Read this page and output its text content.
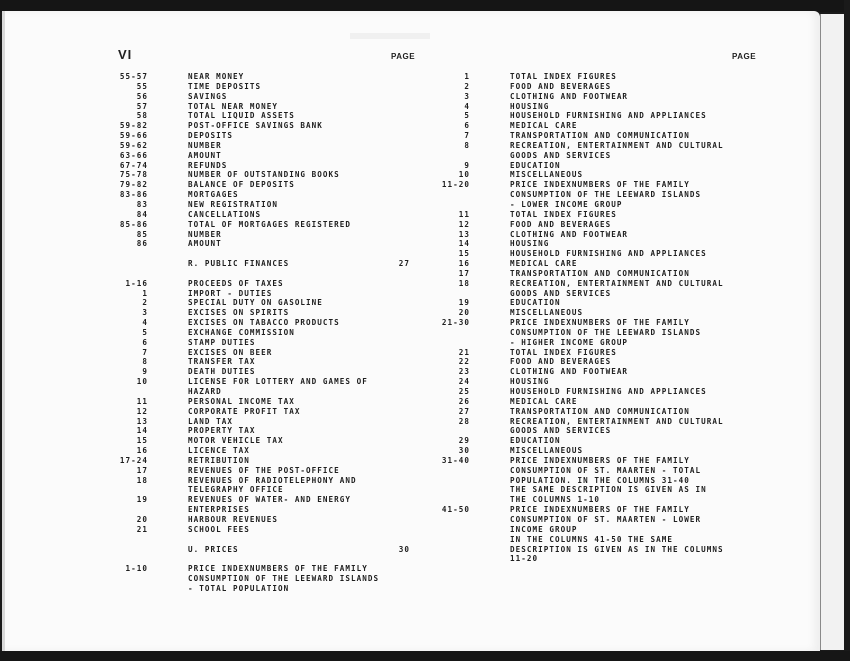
VI	PAGE	PAGE
55-57	NEAR MONEY
55	TIME DEPOSITS
56	SAVINGS
57	TOTAL NEAR MONEY
58	TOTAL LIQUID ASSETS
59-82	POST-OFFICE SAVINGS BANK
59-66	DEPOSITS
59-62	NUMBER
63-66	AMOUNT
67-74	REFUNDS
75-78	NUMBER OF OUTSTANDING BOOKS
79-82	BALANCE OF DEPOSITS
83-86	MORTGAGES
83	NEW REGISTRATION
84	CANCELLATIONS
85-86	TOTAL OF MORTGAGES REGISTERED
85	NUMBER
86	AMOUNT
R. PUBLIC FINANCES	27
1-16	PROCEEDS OF TAXES
1	IMPORT - DUTIES
2	SPECIAL DUTY ON GASOLINE
3	EXCISES ON SPIRITS
4	EXCISES ON TABACCO PRODUCTS
5	EXCHANGE COMMISSION
6	STAMP DUTIES
7	EXCISES ON BEER
8	TRANSFER TAX
9	DEATH DUTIES
10	LICENSE FOR LOTTERY AND GAMES OF
HAZARD
11	PERSONAL INCOME TAX
12	CORPORATE PROFIT TAX
13	LAND TAX
14	PROPERTY TAX
15	MOTOR VEHICLE TAX
16	LICENCE TAX
17-24	RETRIBUTION
17	REVENUES OF THE POST-OFFICE
18	REVENUES OF RADIOTELEPHONY AND
TELEGRAPHY OFFICE
19	REVENUES OF WATER- AND ENERGY
ENTERPRISES
20	HARBOUR REVENUES
21	SCHOOL FEES
U. PRICES	30
1-10	PRICE INDEXNUMBERS OF THE FAMILY
CONSUMPTION OF THE LEEWARD ISLANDS
- TOTAL POPULATION
1	TOTAL INDEX FIGURES
2	FOOD AND BEVERAGES
3	CLOTHING AND FOOTWEAR
4	HOUSING
5	HOUSEHOLD FURNISHING AND APPLIANCES
6	MEDICAL CARE
7	TRANSPORTATION AND COMMUNICATION
8	RECREATION, ENTERTAINMENT AND CULTURAL
GOODS AND SERVICES
9	EDUCATION
10	MISCELLANEOUS
11-20	PRICE INDEXNUMBERS OF THE FAMILY
CONSUMPTION OF THE LEEWARD ISLANDS
- LOWER INCOME GROUP
11	TOTAL INDEX FIGURES
12	FOOD AND BEVERAGES
13	CLOTHING AND FOOTWEAR
14	HOUSING
15	HOUSEHOLD FURNISHING AND APPLIANCES
16	MEDICAL CARE
17	TRANSPORTATION AND COMMUNICATION
18	RECREATION, ENTERTAINMENT AND CULTURAL
GOODS AND SERVICES
19	EDUCATION
20	MISCELLANEOUS
21-30	PRICE INDEXNUMBERS OF THE FAMILY
CONSUMPTION OF THE LEEWARD ISLANDS
- HIGHER INCOME GROUP
21	TOTAL INDEX FIGURES
22	FOOD AND BEVERAGES
23	CLOTHING AND FOOTWEAR
24	HOUSING
25	HOUSEHOLD FURNISHING AND APPLIANCES
26	MEDICAL CARE
27	TRANSPORTATION AND COMMUNICATION
28	RECREATION, ENTERTAINMENT AND CULTURAL
GOODS AND SERVICES
29	EDUCATION
30	MISCELLANEOUS
31-40	PRICE INDEXNUMBERS OF THE FAMILY
CONSUMPTION OF ST. MAARTEN - TOTAL
POPULATION. IN THE COLUMNS 31-40
THE SAME DESCRIPTION IS GIVEN AS IN
THE COLUMNS 1-10
41-50	PRICE INDEXNUMBERS OF THE FAMILY
CONSUMPTION OF ST. MAARTEN - LOWER
INCOME GROUP
IN THE COLUMNS 41-50 THE SAME
DESCRIPTION IS GIVEN AS IN THE COLUMNS
11-20
